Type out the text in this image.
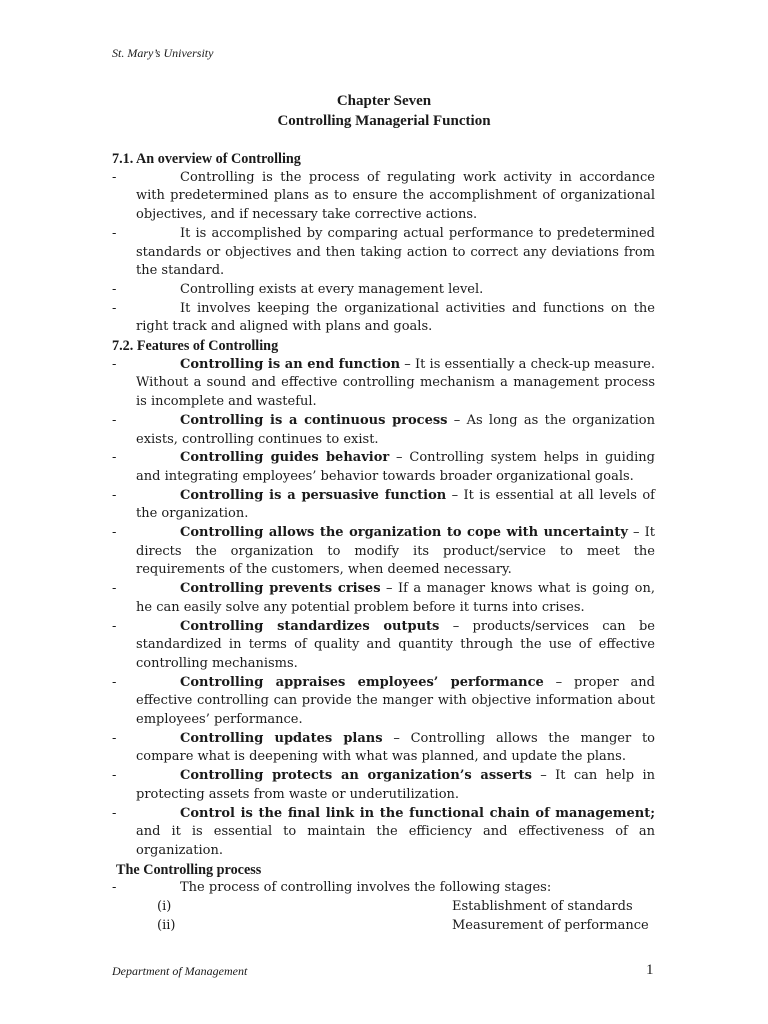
St. Mary’s University
Chapter Seven
Controlling Managerial Function
7.1. An overview of Controlling
-	Controlling is the process of regulating work activity in accordance with predetermined plans as to ensure the accomplishment of organizational objectives, and if necessary take corrective actions.
-	It is accomplished by comparing actual performance to predetermined standards or objectives and then taking action to correct any deviations from the standard.
-	Controlling exists at every management level.
-	It involves keeping the organizational activities and functions on the right track and aligned with plans and goals.
7.2. Features of Controlling
-	Controlling is an end function – It is essentially a check-up measure. Without a sound and effective controlling mechanism a management process is incomplete and wasteful.
-	Controlling is a continuous process – As long as the organization exists, controlling continues to exist.
-	Controlling guides behavior – Controlling system helps in guiding and integrating employees’ behavior towards broader organizational goals.
-	Controlling is a persuasive function – It is essential at all levels of the organization.
-	Controlling allows the organization to cope with uncertainty – It directs the organization to modify its product/service to meet the requirements of the customers, when deemed necessary.
-	Controlling prevents crises – If a manager knows what is going on, he can easily solve any potential problem before it turns into crises.
-	Controlling standardizes outputs – products/services can be standardized in terms of quality and quantity through the use of effective controlling mechanisms.
-	Controlling appraises employees’ performance – proper and effective controlling can provide the manger with objective information about employees’ performance.
-	Controlling updates plans – Controlling allows the manger to compare what is deepening with what was planned, and update the plans.
-	Controlling protects an organization’s asserts – It can help in protecting assets from waste or underutilization.
-	Control is the final link in the functional chain of management; and it is essential to maintain the efficiency and effectiveness of an organization.
The Controlling process
-	The process of controlling involves the following stages:
(i)	Establishment of standards
(ii)	Measurement of performance
Department of Management	1
